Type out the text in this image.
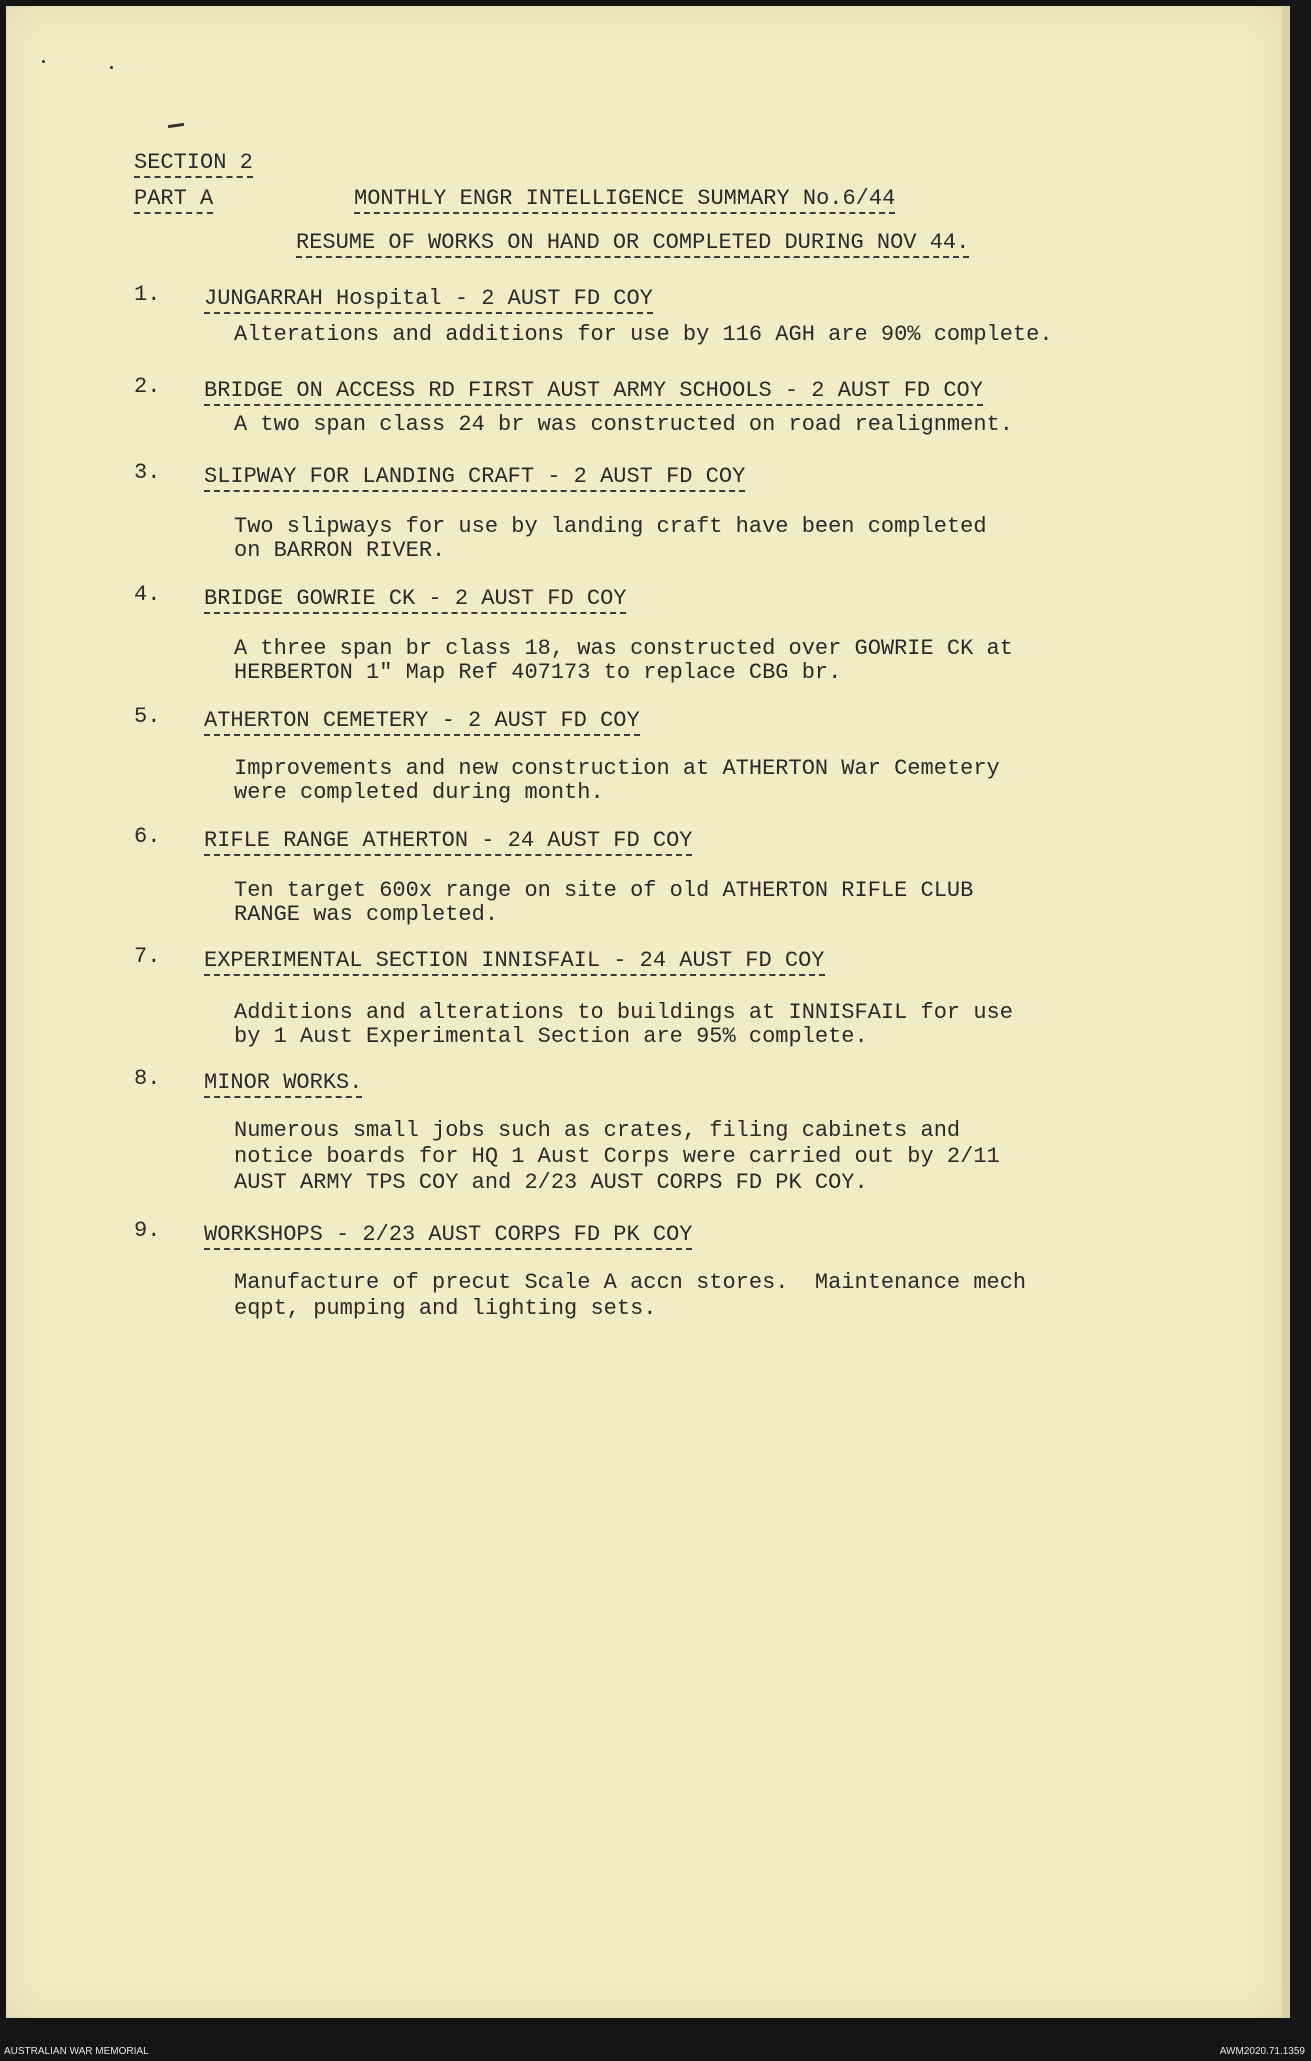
SECTION 2
PART A	MONTHLY ENGR INTELLIGENCE SUMMARY No.6/44
RESUME OF WORKS ON HAND OR COMPLETED DURING NOV 44.
1. JUNGARRAH Hospital - 2 AUST FD COY
Alterations and additions for use by 116 AGH are 90% complete.
2. BRIDGE ON ACCESS RD FIRST AUST ARMY SCHOOLS - 2 AUST FD COY
A two span class 24 br was constructed on road realignment.
3. SLIPWAY FOR LANDING CRAFT - 2 AUST FD COY
Two slipways for use by landing craft have been completed
on BARRON RIVER.
4. BRIDGE GOWRIE CK - 2 AUST FD COY
A three span br class 18, was constructed over GOWRIE CK at
HERBERTON 1" Map Ref 407173 to replace CBG br.
5. ATHERTON CEMETERY - 2 AUST FD COY
Improvements and new construction at ATHERTON War Cemetery
were completed during month.
6. RIFLE RANGE ATHERTON - 24 AUST FD COY
Ten target 600x range on site of old ATHERTON RIFLE CLUB
RANGE was completed.
7. EXPERIMENTAL SECTION INNISFAIL - 24 AUST FD COY
Additions and alterations to buildings at INNISFAIL for use
by 1 Aust Experimental Section are 95% complete.
8. MINOR WORKS.
Numerous small jobs such as crates, filing cabinets and
notice boards for HQ 1 Aust Corps were carried out by 2/11
AUST ARMY TPS COY and 2/23 AUST CORPS FD PK COY.
9. WORKSHOPS - 2/23 AUST CORPS FD PK COY
Manufacture of precut Scale A accn stores.  Maintenance mech
eqpt, pumping and lighting sets.
AUSTRALIAN WAR MEMORIAL	AWM2020.71.1359
